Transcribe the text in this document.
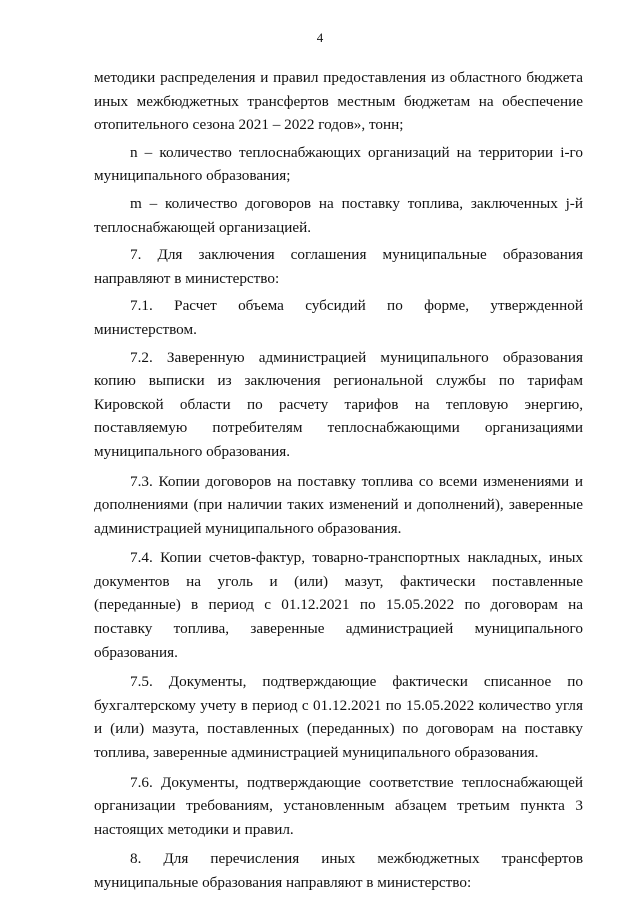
4

методики распределения и правил предоставления из областного бюджета иных межбюджетных трансфертов местным бюджетам на обеспечение отопительного сезона 2021 – 2022 годов», тонн;

n – количество теплоснабжающих организаций на территории i-го муниципального образования;

m – количество договоров на поставку топлива, заключенных j-й теплоснабжающей организацией.

7. Для заключения соглашения муниципальные образования направляют в министерство:

7.1. Расчет объема субсидий по форме, утвержденной министерством.

7.2. Заверенную администрацией муниципального образования копию выписки из заключения региональной службы по тарифам Кировской области по расчету тарифов на тепловую энергию, поставляемую потребителям теплоснабжающими организациями муниципального образования.

7.3. Копии договоров на поставку топлива со всеми изменениями и дополнениями (при наличии таких изменений и дополнений), заверенные администрацией муниципального образования.

7.4. Копии счетов-фактур, товарно-транспортных накладных, иных документов на уголь и (или) мазут, фактически поставленные (переданные) в период с 01.12.2021 по 15.05.2022 по договорам на поставку топлива, заверенные администрацией муниципального образования.

7.5. Документы, подтверждающие фактически списанное по бухгалтерскому учету в период с 01.12.2021 по 15.05.2022 количество угля и (или) мазута, поставленных (переданных) по договорам на поставку топлива, заверенные администрацией муниципального образования.

7.6. Документы, подтверждающие соответствие теплоснабжающей организации требованиям, установленным абзацем третьим пункта 3 настоящих методики и правил.

8. Для перечисления иных межбюджетных трансфертов муниципальные образования направляют в министерство:
